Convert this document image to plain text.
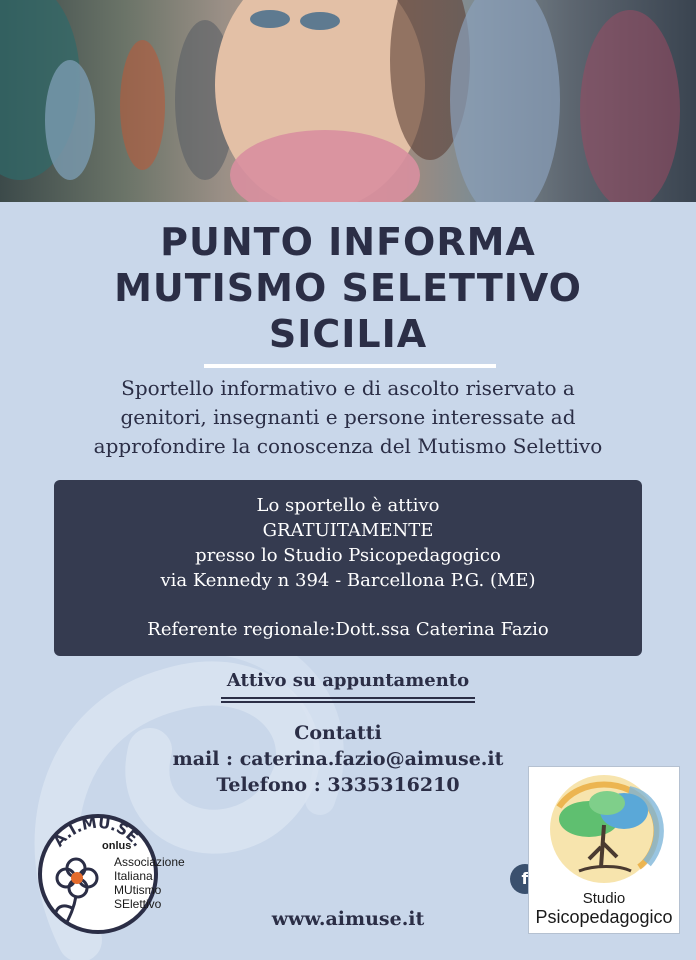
PUNTO INFORMA
MUTISMO SELETTIVO
SICILIA
Sportello informativo e di ascolto riservato a
genitori, insegnanti e persone interessate ad
approfondire la conoscenza del Mutismo Selettivo
Lo sportello è attivo
GRATUITAMENTE
presso lo Studio Psicopedagogico
via Kennedy n 394 - Barcellona P.G. (ME)
Referente regionale:Dott.ssa Caterina Fazio
Attivo su appuntamento
Contatti
mail : caterina.fazio@aimuse.it
Telefono : 3335316210
www.aimuse.it
A.I.MU.SE.
onlus
Associazione
Italiana
MUtismo
SElettivo
f
Studio
Psicopedagogico
